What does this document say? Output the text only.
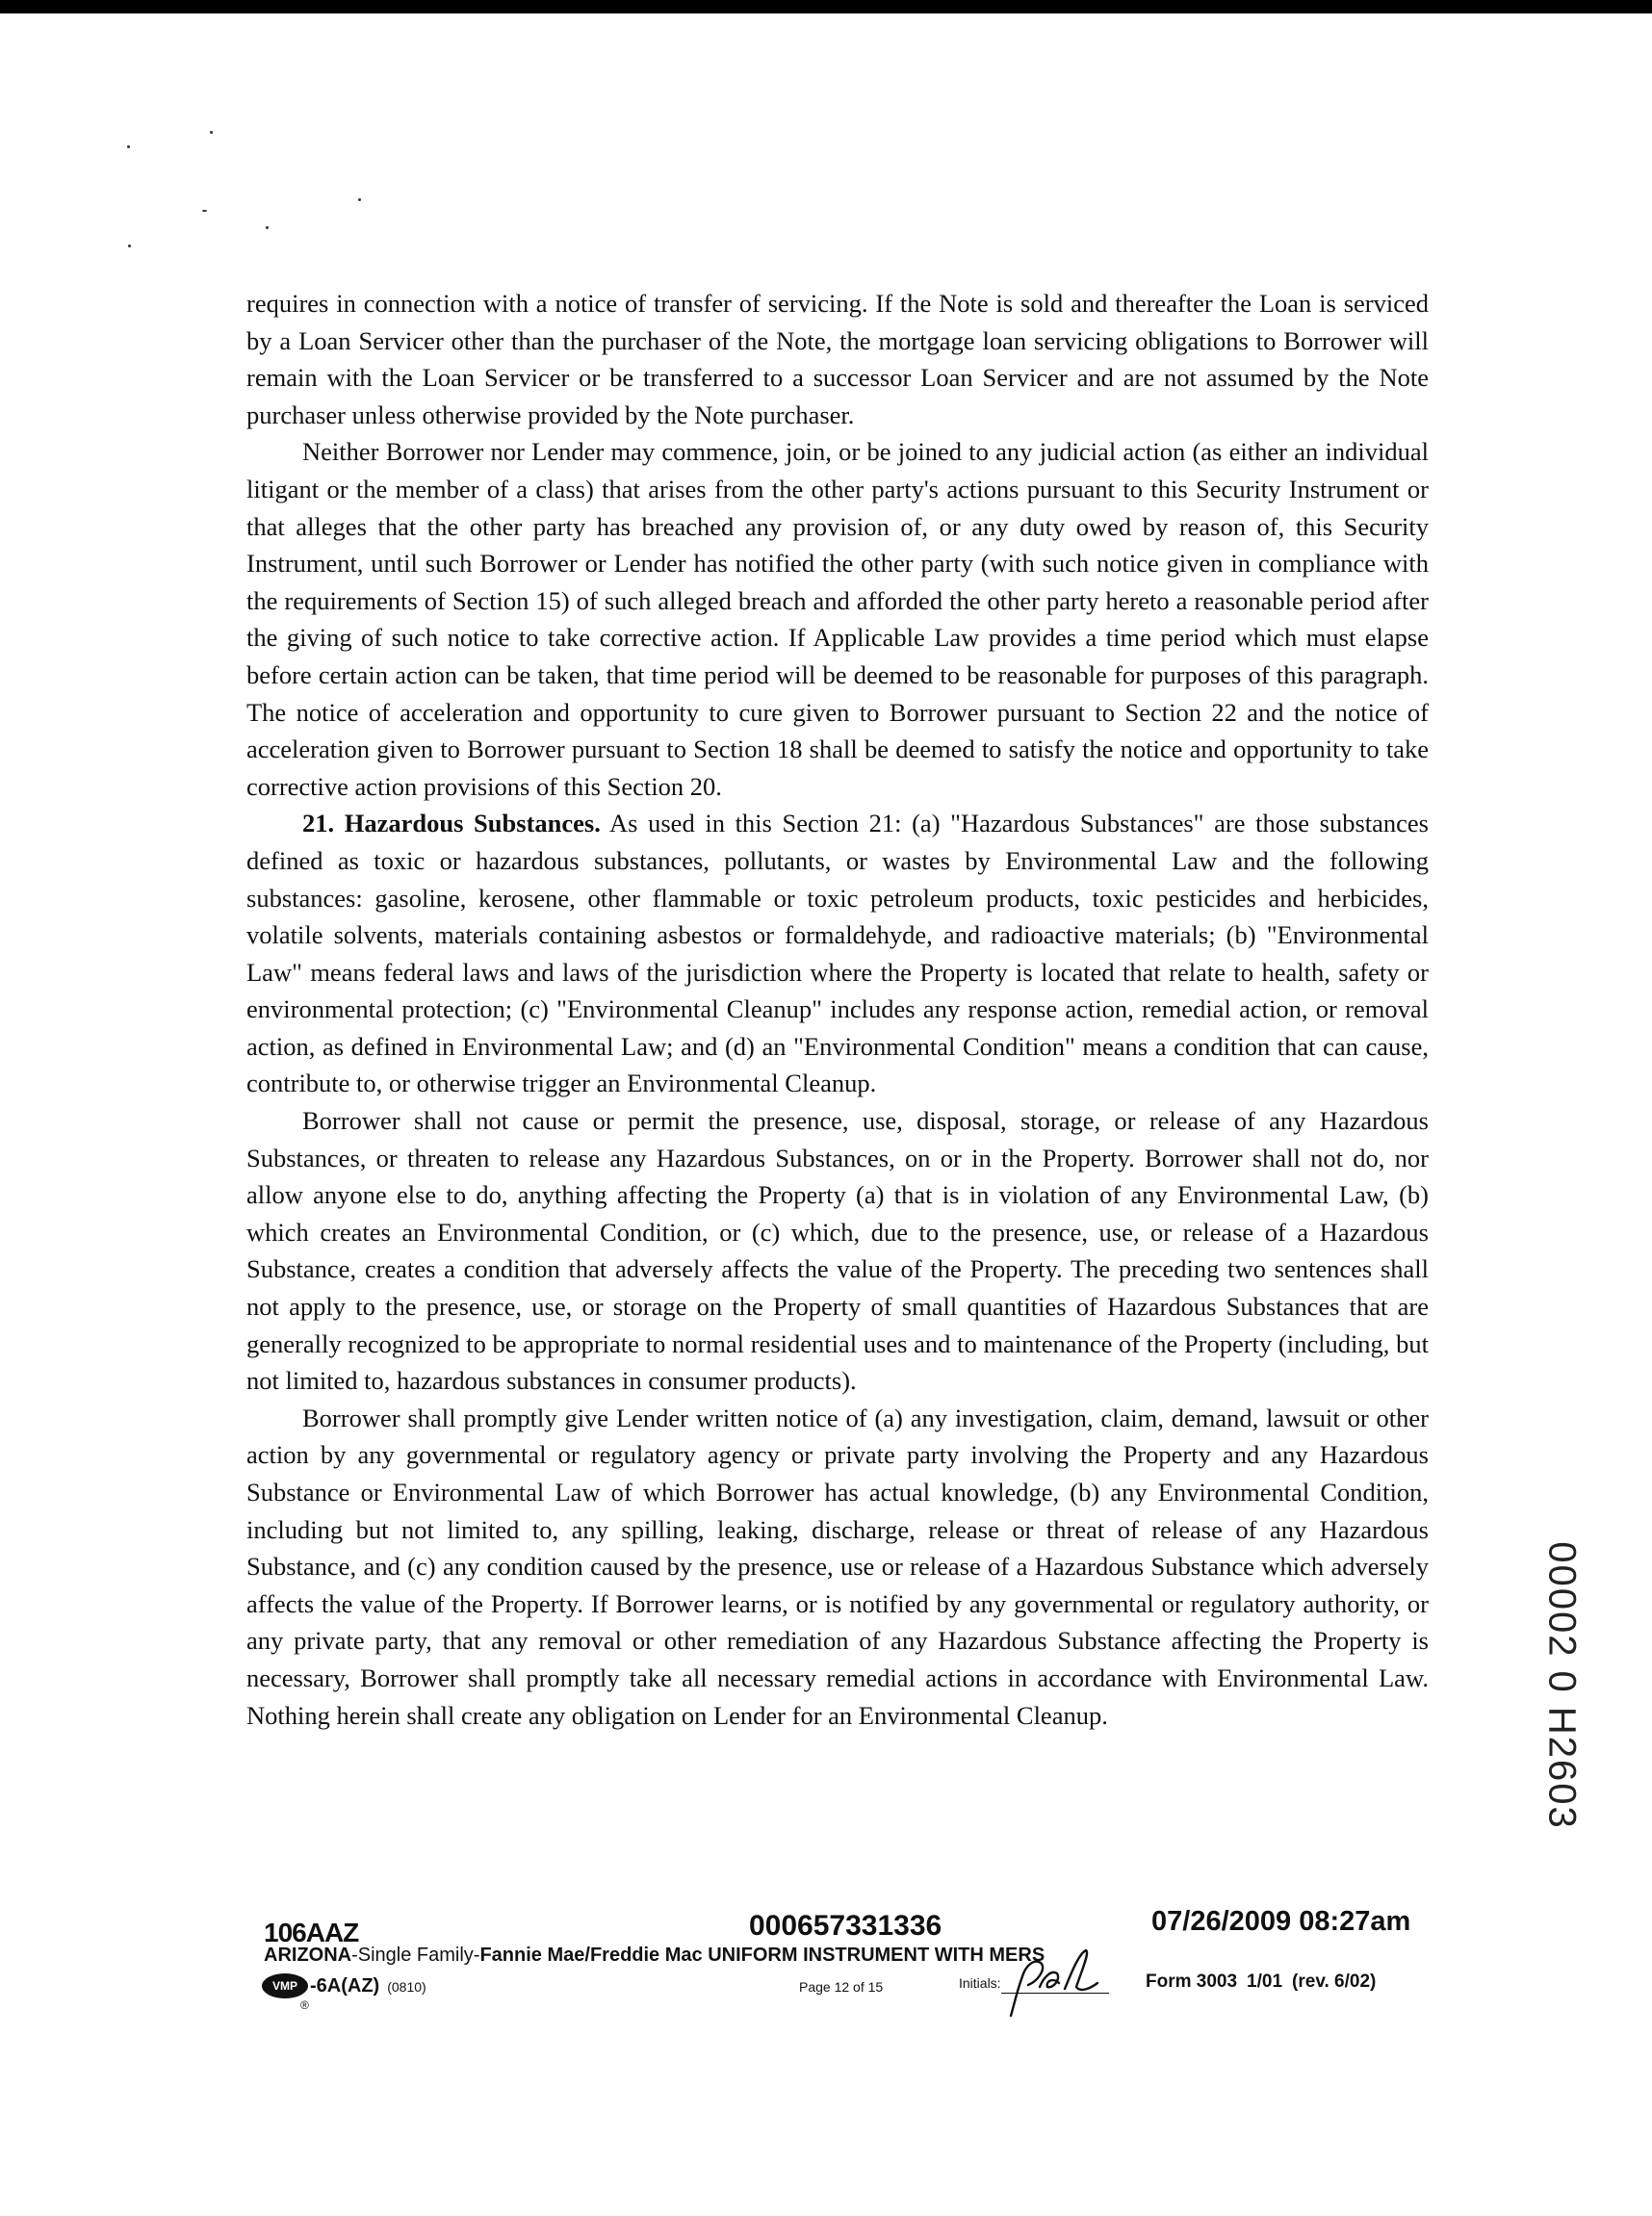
requires in connection with a notice of transfer of servicing. If the Note is sold and thereafter the Loan is serviced by a Loan Servicer other than the purchaser of the Note, the mortgage loan servicing obligations to Borrower will remain with the Loan Servicer or be transferred to a successor Loan Servicer and are not assumed by the Note purchaser unless otherwise provided by the Note purchaser.

Neither Borrower nor Lender may commence, join, or be joined to any judicial action (as either an individual litigant or the member of a class) that arises from the other party's actions pursuant to this Security Instrument or that alleges that the other party has breached any provision of, or any duty owed by reason of, this Security Instrument, until such Borrower or Lender has notified the other party (with such notice given in compliance with the requirements of Section 15) of such alleged breach and afforded the other party hereto a reasonable period after the giving of such notice to take corrective action. If Applicable Law provides a time period which must elapse before certain action can be taken, that time period will be deemed to be reasonable for purposes of this paragraph. The notice of acceleration and opportunity to cure given to Borrower pursuant to Section 22 and the notice of acceleration given to Borrower pursuant to Section 18 shall be deemed to satisfy the notice and opportunity to take corrective action provisions of this Section 20.

21. Hazardous Substances. As used in this Section 21: (a) "Hazardous Substances" are those substances defined as toxic or hazardous substances, pollutants, or wastes by Environmental Law and the following substances: gasoline, kerosene, other flammable or toxic petroleum products, toxic pesticides and herbicides, volatile solvents, materials containing asbestos or formaldehyde, and radioactive materials; (b) "Environmental Law" means federal laws and laws of the jurisdiction where the Property is located that relate to health, safety or environmental protection; (c) "Environmental Cleanup" includes any response action, remedial action, or removal action, as defined in Environmental Law; and (d) an "Environmental Condition" means a condition that can cause, contribute to, or otherwise trigger an Environmental Cleanup.

Borrower shall not cause or permit the presence, use, disposal, storage, or release of any Hazardous Substances, or threaten to release any Hazardous Substances, on or in the Property. Borrower shall not do, nor allow anyone else to do, anything affecting the Property (a) that is in violation of any Environmental Law, (b) which creates an Environmental Condition, or (c) which, due to the presence, use, or release of a Hazardous Substance, creates a condition that adversely affects the value of the Property. The preceding two sentences shall not apply to the presence, use, or storage on the Property of small quantities of Hazardous Substances that are generally recognized to be appropriate to normal residential uses and to maintenance of the Property (including, but not limited to, hazardous substances in consumer products).

Borrower shall promptly give Lender written notice of (a) any investigation, claim, demand, lawsuit or other action by any governmental or regulatory agency or private party involving the Property and any Hazardous Substance or Environmental Law of which Borrower has actual knowledge, (b) any Environmental Condition, including but not limited to, any spilling, leaking, discharge, release or threat of release of any Hazardous Substance, and (c) any condition caused by the presence, use or release of a Hazardous Substance which adversely affects the value of the Property. If Borrower learns, or is notified by any governmental or regulatory authority, or any private party, that any removal or other remediation of any Hazardous Substance affecting the Property is necessary, Borrower shall promptly take all necessary remedial actions in accordance with Environmental Law. Nothing herein shall create any obligation on Lender for an Environmental Cleanup.	00002 0 H2603
106AAZ	000657331336	07/26/2009 08:27am
ARIZONA-Single Family-Fannie Mae/Freddie Mac UNIFORM INSTRUMENT WITH MERS
VMP
®
-6A(AZ) (0810)	Page 12 of 15	Initials:	Form 3003 1/01 (rev. 6/02)
